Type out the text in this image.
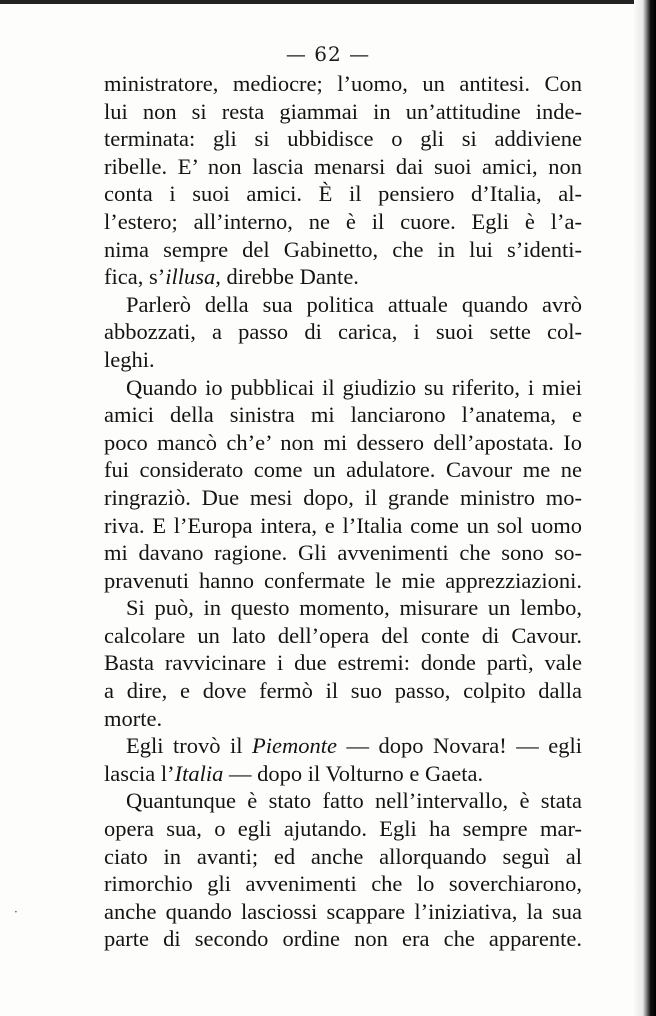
— 62 —
ministratore, mediocre; l’uomo, un antitesi. Con
lui non si resta giammai in un’attitudine inde-
terminata: gli si ubbidisce o gli si addiviene
ribelle. E’ non lascia menarsi dai suoi amici, non
conta i suoi amici. È il pensiero d’Italia, al-
l’estero; all’interno, ne è il cuore. Egli è l’a-
nima sempre del Gabinetto, che in lui s’identi-
fica, s’illusa, direbbe Dante.
Parlerò della sua politica attuale quando avrò
abbozzati, a passo di carica, i suoi sette col-
leghi.
Quando io pubblicai il giudizio su riferito, i miei
amici della sinistra mi lanciarono l’anatema, e
poco mancò ch’e’ non mi dessero dell’apostata. Io
fui considerato come un adulatore. Cavour me ne
ringraziò. Due mesi dopo, il grande ministro mo-
riva. E l’Europa intera, e l’Italia come un sol uomo
mi davano ragione. Gli avvenimenti che sono so-
pravenuti hanno confermate le mie apprezziazioni.
Si può, in questo momento, misurare un lembo,
calcolare un lato dell’opera del conte di Cavour.
Basta ravvicinare i due estremi: donde partì, vale
a dire, e dove fermò il suo passo, colpito dalla
morte.
Egli trovò il Piemonte — dopo Novara! — egli
lascia l’Italia — dopo il Volturno e Gaeta.
Quantunque è stato fatto nell’intervallo, è stata
opera sua, o egli ajutando. Egli ha sempre mar-
ciato in avanti; ed anche allorquando seguì al
rimorchio gli avvenimenti che lo soverchiarono,
anche quando lasciossi scappare l’iniziativa, la sua
parte di secondo ordine non era che apparente.
·
